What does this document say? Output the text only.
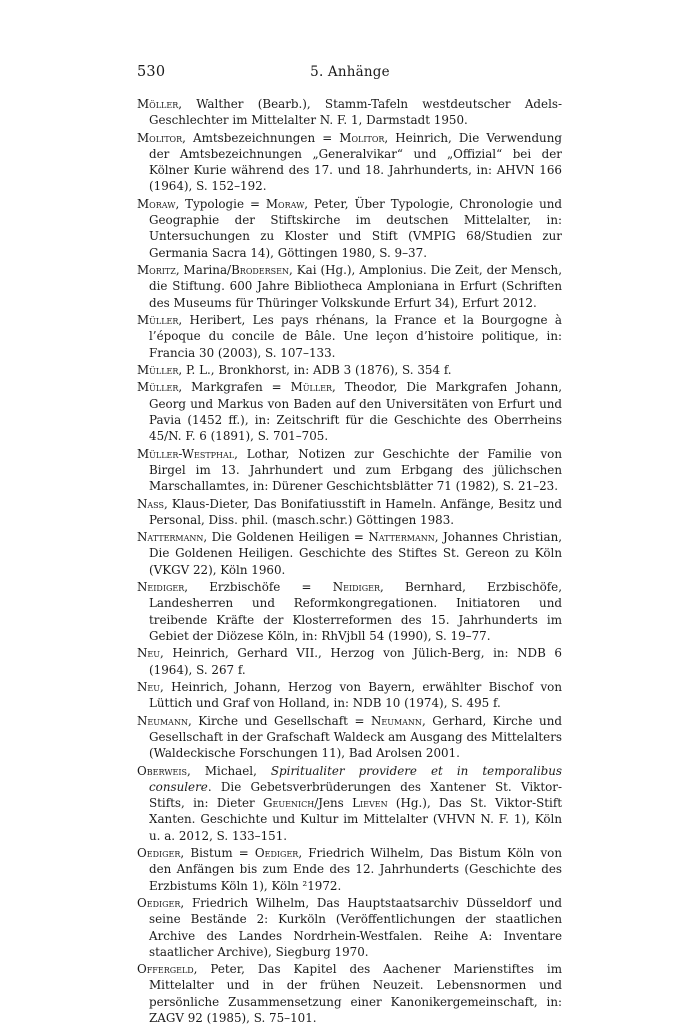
530	5. Anhänge

Möller, Walther (Bearb.), Stamm-Tafeln westdeutscher Adels-Geschlechter im Mittelalter N. F. 1, Darmstadt 1950.

Molitor, Amtsbezeichnungen = Molitor, Heinrich, Die Verwendung der Amtsbezeichnungen „Generalvikar“ und „Offizial“ bei der Kölner Kurie während des 17. und 18. Jahrhunderts, in: AHVN 166 (1964), S. 152–192.

Moraw, Typologie = Moraw, Peter, Über Typologie, Chronologie und Geographie der Stiftskirche im deutschen Mittelalter, in: Untersuchungen zu Kloster und Stift (VMPIG 68/Studien zur Germania Sacra 14), Göttingen 1980, S. 9–37.

Moritz, Marina/Brodersen, Kai (Hg.), Amplonius. Die Zeit, der Mensch, die Stiftung. 600 Jahre Bibliotheca Amploniana in Erfurt (Schriften des Museums für Thüringer Volkskunde Erfurt 34), Erfurt 2012.

Müller, Heribert, Les pays rhénans, la France et la Bourgogne à l’époque du concile de Bâle. Une leçon d’histoire politique, in: Francia 30 (2003), S. 107–133.

Müller, P. L., Bronkhorst, in: ADB 3 (1876), S. 354 f.

Müller, Markgrafen = Müller, Theodor, Die Markgrafen Johann, Georg und Markus von Baden auf den Universitäten von Erfurt und Pavia (1452 ff.), in: Zeitschrift für die Geschichte des Oberrheins 45/N. F. 6 (1891), S. 701–705.

Müller-Westphal, Lothar, Notizen zur Geschichte der Familie von Birgel im 13. Jahrhundert und zum Erbgang des jülichschen Marschallamtes, in: Dürener Geschichtsblätter 71 (1982), S. 21–23.

Nass, Klaus-Dieter, Das Bonifatiusstift in Hameln. Anfänge, Besitz und Personal, Diss. phil. (masch.schr.) Göttingen 1983.

Nattermann, Die Goldenen Heiligen = Nattermann, Johannes Christian, Die Goldenen Heiligen. Geschichte des Stiftes St. Gereon zu Köln (VKGV 22), Köln 1960.

Neidiger, Erzbischöfe = Neidiger, Bernhard, Erzbischöfe, Landesherren und Reformkongregationen. Initiatoren und treibende Kräfte der Klosterreformen des 15. Jahrhunderts im Gebiet der Diözese Köln, in: RhVjbll 54 (1990), S. 19–77.

Neu, Heinrich, Gerhard VII., Herzog von Jülich-Berg, in: NDB 6 (1964), S. 267 f.

Neu, Heinrich, Johann, Herzog von Bayern, erwählter Bischof von Lüttich und Graf von Holland, in: NDB 10 (1974), S. 495 f.

Neumann, Kirche und Gesellschaft = Neumann, Gerhard, Kirche und Gesellschaft in der Grafschaft Waldeck am Ausgang des Mittelalters (Waldeckische Forschungen 11), Bad Arolsen 2001.

Oberweis, Michael, Spiritualiter providere et in temporalibus consulere. Die Gebetsverbrüderungen des Xantener St. Viktor-Stifts, in: Dieter Geuenich/Jens Lieven (Hg.), Das St. Viktor-Stift Xanten. Geschichte und Kultur im Mittelalter (VHVN N. F. 1), Köln u. a. 2012, S. 133–151.

Oediger, Bistum = Oediger, Friedrich Wilhelm, Das Bistum Köln von den Anfängen bis zum Ende des 12. Jahrhunderts (Geschichte des Erzbistums Köln 1), Köln ²1972.

Oediger, Friedrich Wilhelm, Das Hauptstaatsarchiv Düsseldorf und seine Bestände 2: Kurköln (Veröffentlichungen der staatlichen Archive des Landes Nordrhein-Westfalen. Reihe A: Inventare staatlicher Archive), Siegburg 1970.

Offergeld, Peter, Das Kapitel des Aachener Marienstiftes im Mittelalter und in der frühen Neuzeit. Lebensnormen und persönliche Zusammensetzung einer Kanonikergemeinschaft, in: ZAGV 92 (1985), S. 75–101.
